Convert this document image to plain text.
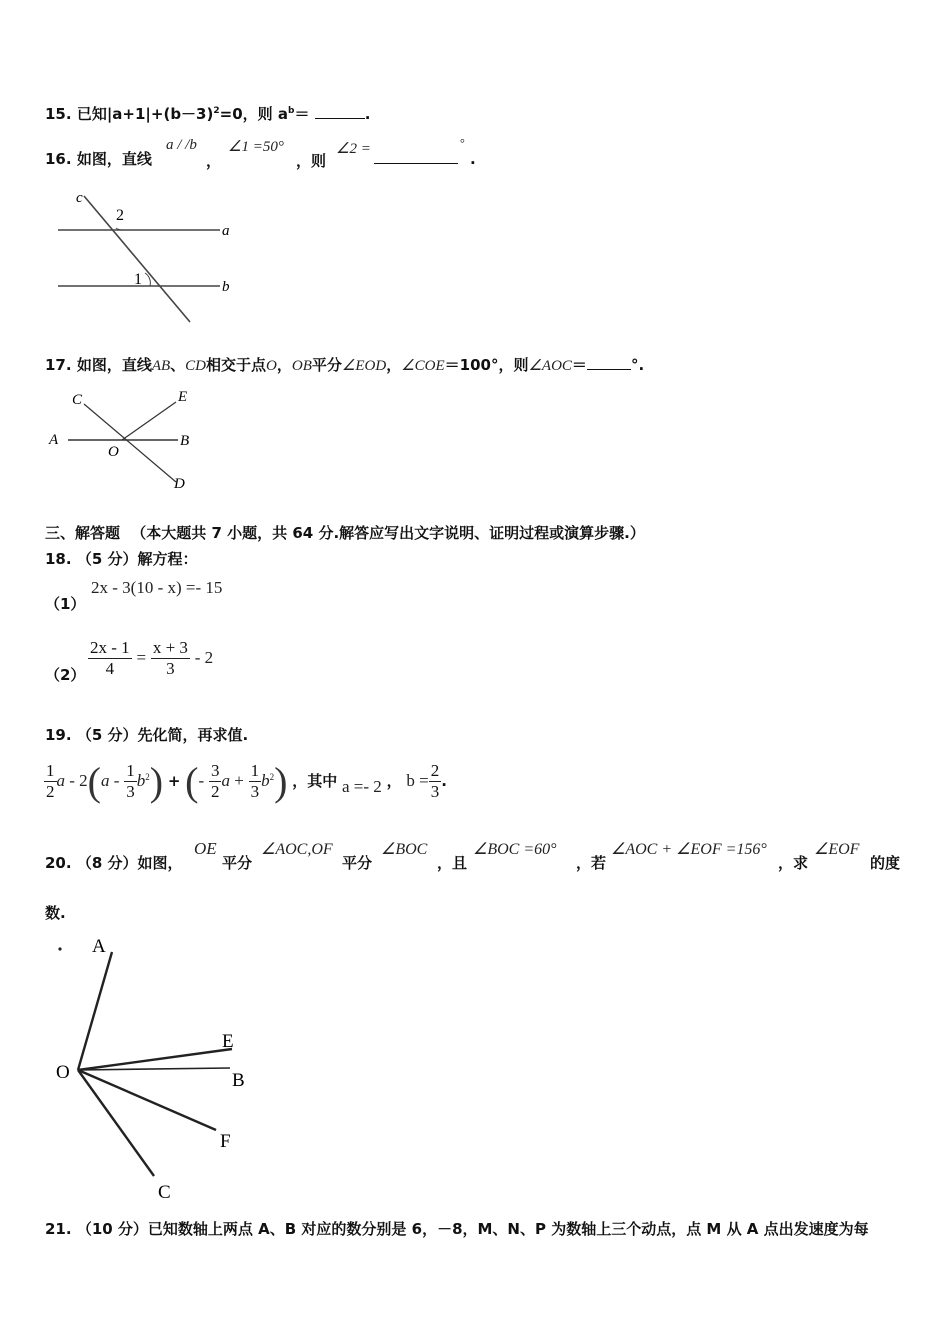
15. 已知$|a+1|+(b-3)^2=0$，则 $a^b=$	.
16. 如图，直线
a / /b
，
∠1 =50°
，则
∠2 =	°
.
c
2
a
1	b
17. 如图，直线AB、CD相交于点O，OB平分∠EOD，∠COE＝100°，则∠AOC＝	°.
C	E
A
O
B
D
三、解答题 （本大题共 7 小题，共 64 分.解答应写出文字说明、证明过程或演算步骤.）
18. （5 分）解方程：
（1）
2x - 3(10 - x) =- 15
$(2) \frac{2x - 1}{4} = \frac{x + 3}{3} - 2$
19. （5 分）先化简，再求值.
$\frac{1}{2}$ a - $2(a - \frac{1}{3} b^2)$ + (- $\frac{3}{2}$ $a + \frac{1}{3} b^2$) ，其中 a =- 2 ， $b = \frac{2}{3}$ .
20. （8 分）如图，
OE
平分
∠AOC,OF
平分
∠BOC
，且
∠BOC =60°
，若
∠AOC + ∠EOF =156°
，求
∠EOF
的度
数.
A
E
O	B
F
C
21. （10 分）已知数轴上两点 A、B 对应的数分别是 6，－8，M、N、P 为数轴上三个动点，点 M 从 A 点出发速度为每
